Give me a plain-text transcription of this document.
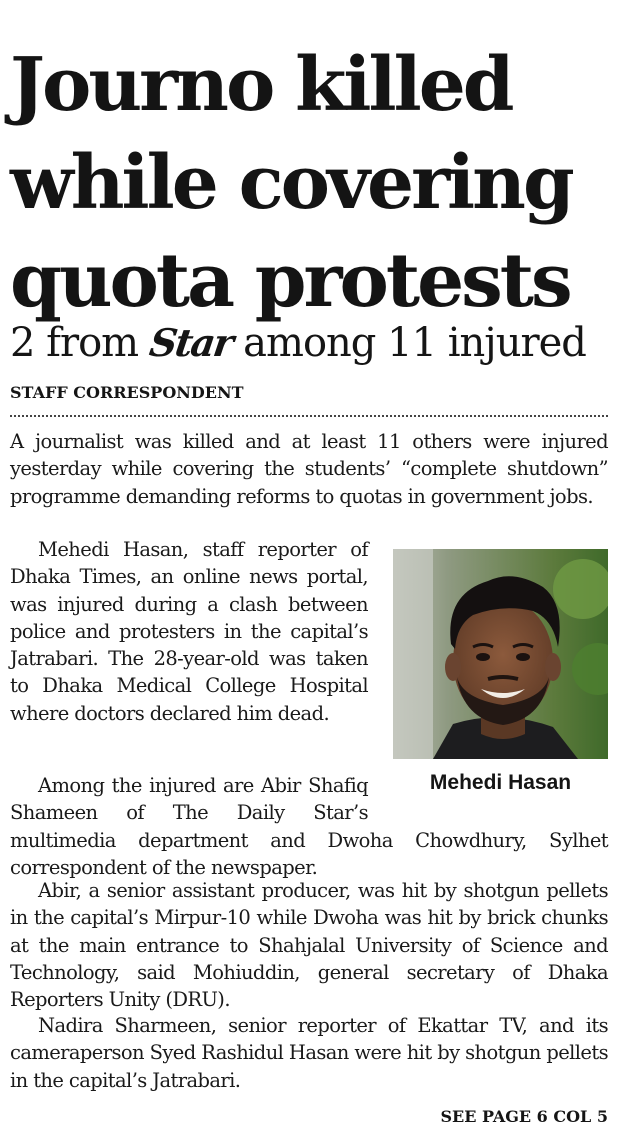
Journo killed
while covering
quota protests
2 from Star among 11 injured
STAFF CORRESPONDENT

A journalist was killed and at least 11 others were injured yesterday while covering the students’ “complete shutdown” programme demanding reforms to quotas in government jobs.

Mehedi Hasan, staff reporter of Dhaka Times, an online news portal, was injured during a clash between police and protesters in the capital’s Jatrabari. The 28-year-old was taken to Dhaka Medical College Hospital where doctors declared him dead.

Mehedi Hasan

Among the injured are Abir Shafiq Shameen of The Daily Star’s multimedia department and Dwoha Chowdhury, Sylhet correspondent of the newspaper.

Abir, a senior assistant producer, was hit by shotgun pellets in the capital’s Mirpur-10 while Dwoha was hit by brick chunks at the main entrance to Shahjalal University of Science and Technology, said Mohiuddin, general secretary of Dhaka Reporters Unity (DRU).

Nadira Sharmeen, senior reporter of Ekattar TV, and its cameraperson Syed Rashidul Hasan were hit by shotgun pellets in the capital’s Jatrabari.

SEE PAGE 6 COL 5
